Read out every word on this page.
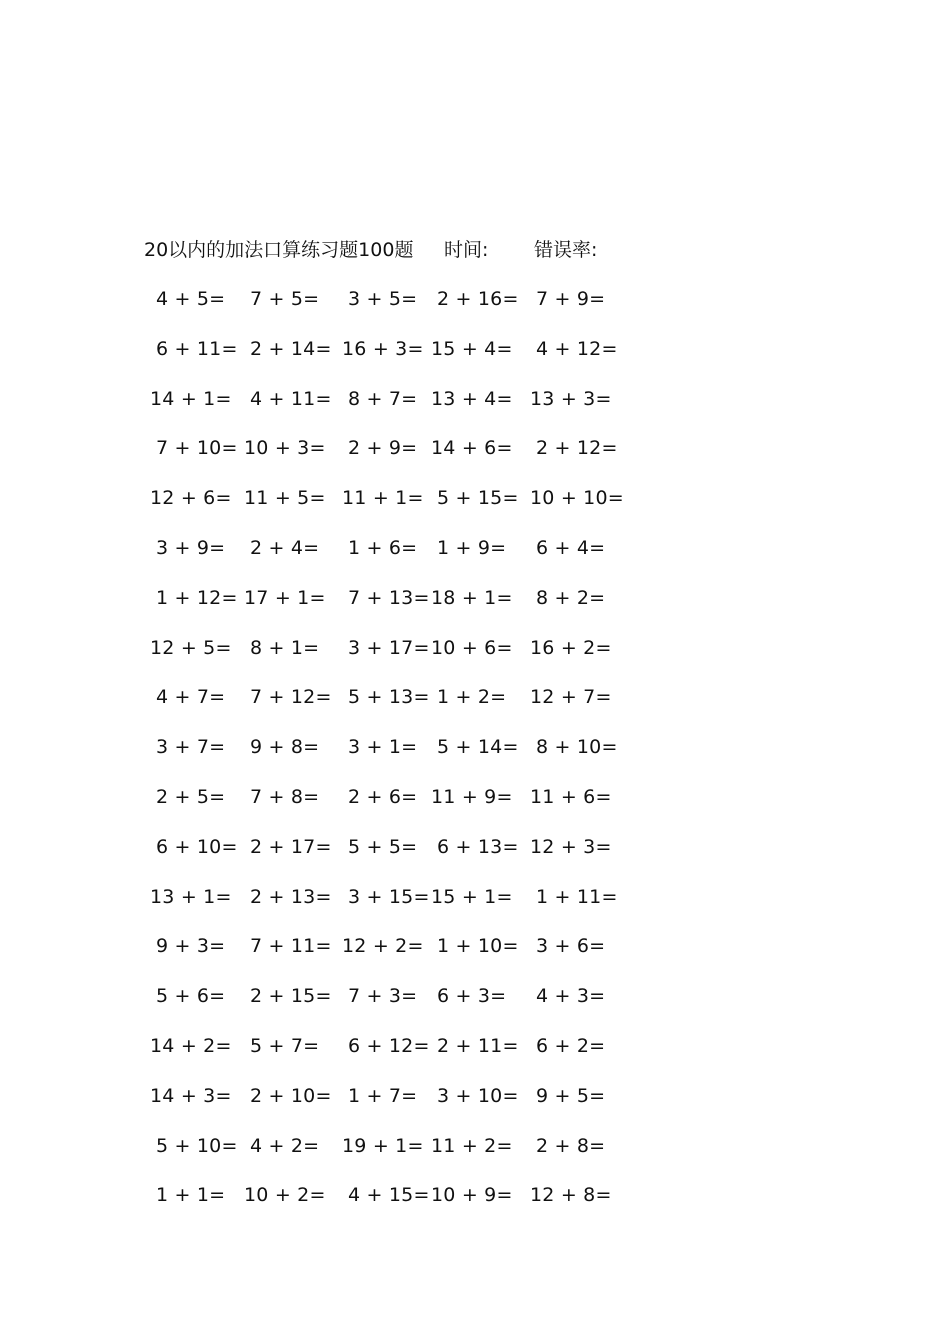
20以内的加法口算练习题100题 时间: 错误率:
4 + 5= 7 + 5= 3 + 5= 2 + 16= 7 + 9=
6 + 11= 2 + 14= 16 + 3= 15 + 4= 4 + 12=
14 + 1= 4 + 11= 8 + 7= 13 + 4= 13 + 3=
7 + 10= 10 + 3= 2 + 9= 14 + 6= 2 + 12=
12 + 6= 11 + 5= 11 + 1= 5 + 15= 10 + 10=
3 + 9= 2 + 4= 1 + 6= 1 + 9= 6 + 4=
1 + 12= 17 + 1= 7 + 13= 18 + 1= 8 + 2=
12 + 5= 8 + 1= 3 + 17= 10 + 6= 16 + 2=
4 + 7= 7 + 12= 5 + 13= 1 + 2= 12 + 7=
3 + 7= 9 + 8= 3 + 1= 5 + 14= 8 + 10=
2 + 5= 7 + 8= 2 + 6= 11 + 9= 11 + 6=
6 + 10= 2 + 17= 5 + 5= 6 + 13= 12 + 3=
13 + 1= 2 + 13= 3 + 15= 15 + 1= 1 + 11=
9 + 3= 7 + 11= 12 + 2= 1 + 10= 3 + 6=
5 + 6= 2 + 15= 7 + 3= 6 + 3= 4 + 3=
14 + 2= 5 + 7= 6 + 12= 2 + 11= 6 + 2=
14 + 3= 2 + 10= 1 + 7= 3 + 10= 9 + 5=
5 + 10= 4 + 2= 19 + 1= 11 + 2= 2 + 8=
1 + 1= 10 + 2= 4 + 15= 10 + 9= 12 + 8=
